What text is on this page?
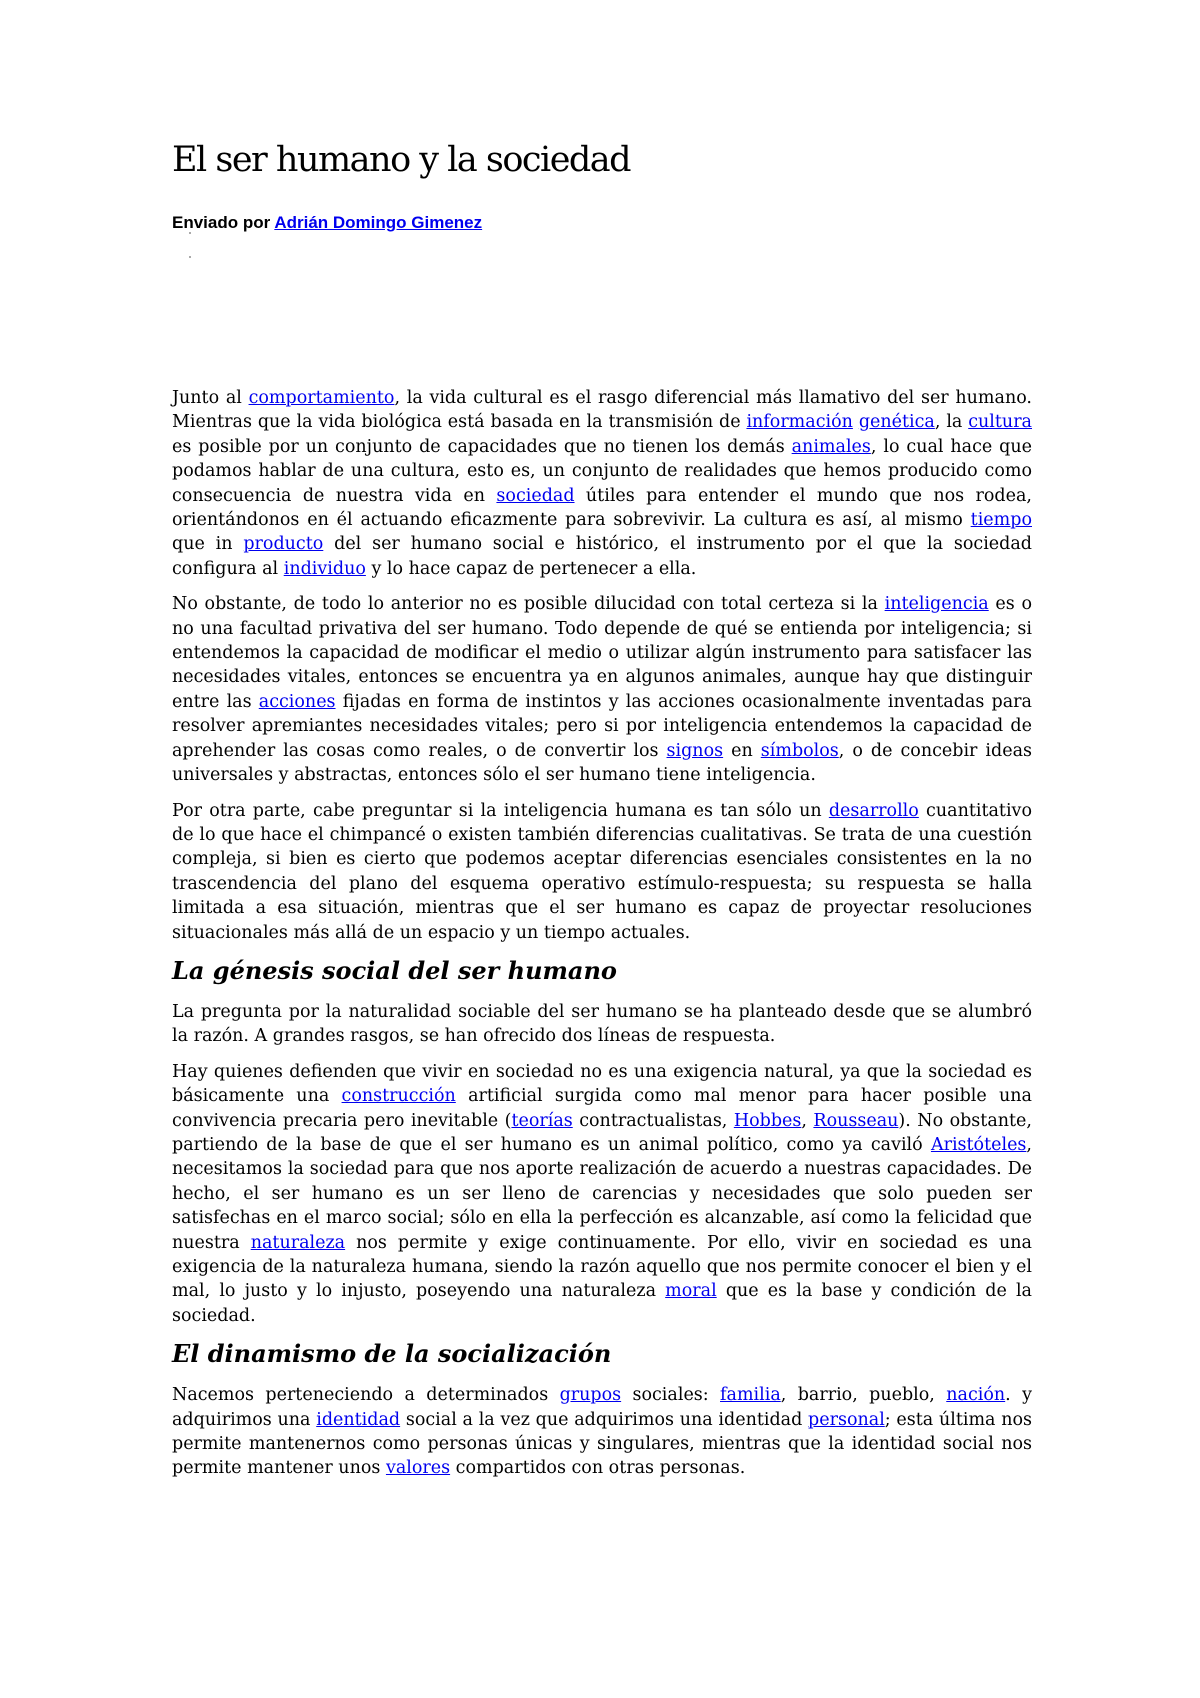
El ser humano y la sociedad
Enviado por Adrián Domingo Gimenez

Junto al comportamiento, la vida cultural es el rasgo diferencial más llamativo del ser humano. Mientras que la vida biológica está basada en la transmisión de información genética, la cultura es posible por un conjunto de capacidades que no tienen los demás animales, lo cual hace que podamos hablar de una cultura, esto es, un conjunto de realidades que hemos producido como consecuencia de nuestra vida en sociedad útiles para entender el mundo que nos rodea, orientándonos en él actuando eficazmente para sobrevivir. La cultura es así, al mismo tiempo que in producto del ser humano social e histórico, el instrumento por el que la sociedad configura al individuo y lo hace capaz de pertenecer a ella.

No obstante, de todo lo anterior no es posible dilucidad con total certeza si la inteligencia es o no una facultad privativa del ser humano. Todo depende de qué se entienda por inteligencia; si entendemos la capacidad de modificar el medio o utilizar algún instrumento para satisfacer las necesidades vitales, entonces se encuentra ya en algunos animales, aunque hay que distinguir entre las acciones fijadas en forma de instintos y las acciones ocasionalmente inventadas para resolver apremiantes necesidades vitales; pero si por inteligencia entendemos la capacidad de aprehender las cosas como reales, o de convertir los signos en símbolos, o de concebir ideas universales y abstractas, entonces sólo el ser humano tiene inteligencia.

Por otra parte, cabe preguntar si la inteligencia humana es tan sólo un desarrollo cuantitativo de lo que hace el chimpancé o existen también diferencias cualitativas. Se trata de una cuestión compleja, si bien es cierto que podemos aceptar diferencias esenciales consistentes en la no trascendencia del plano del esquema operativo estímulo-respuesta; su respuesta se halla limitada a esa situación, mientras que el ser humano es capaz de proyectar resoluciones situacionales más allá de un espacio y un tiempo actuales.

La génesis social del ser humano

La pregunta por la naturalidad sociable del ser humano se ha planteado desde que se alumbró la razón. A grandes rasgos, se han ofrecido dos líneas de respuesta.

Hay quienes defienden que vivir en sociedad no es una exigencia natural, ya que la sociedad es básicamente una construcción artificial surgida como mal menor para hacer posible una convivencia precaria pero inevitable (teorías contractualistas, Hobbes, Rousseau). No obstante, partiendo de la base de que el ser humano es un animal político, como ya caviló Aristóteles, necesitamos la sociedad para que nos aporte realización de acuerdo a nuestras capacidades. De hecho, el ser humano es un ser lleno de carencias y necesidades que solo pueden ser satisfechas en el marco social; sólo en ella la perfección es alcanzable, así como la felicidad que nuestra naturaleza nos permite y exige continuamente. Por ello, vivir en sociedad es una exigencia de la naturaleza humana, siendo la razón aquello que nos permite conocer el bien y el mal, lo justo y lo injusto, poseyendo una naturaleza moral que es la base y condición de la sociedad.

El dinamismo de la socialización

Nacemos perteneciendo a determinados grupos sociales: familia, barrio, pueblo, nación. y adquirimos una identidad social a la vez que adquirimos una identidad personal; esta última nos permite mantenernos como personas únicas y singulares, mientras que la identidad social nos permite mantener unos valores compartidos con otras personas.
